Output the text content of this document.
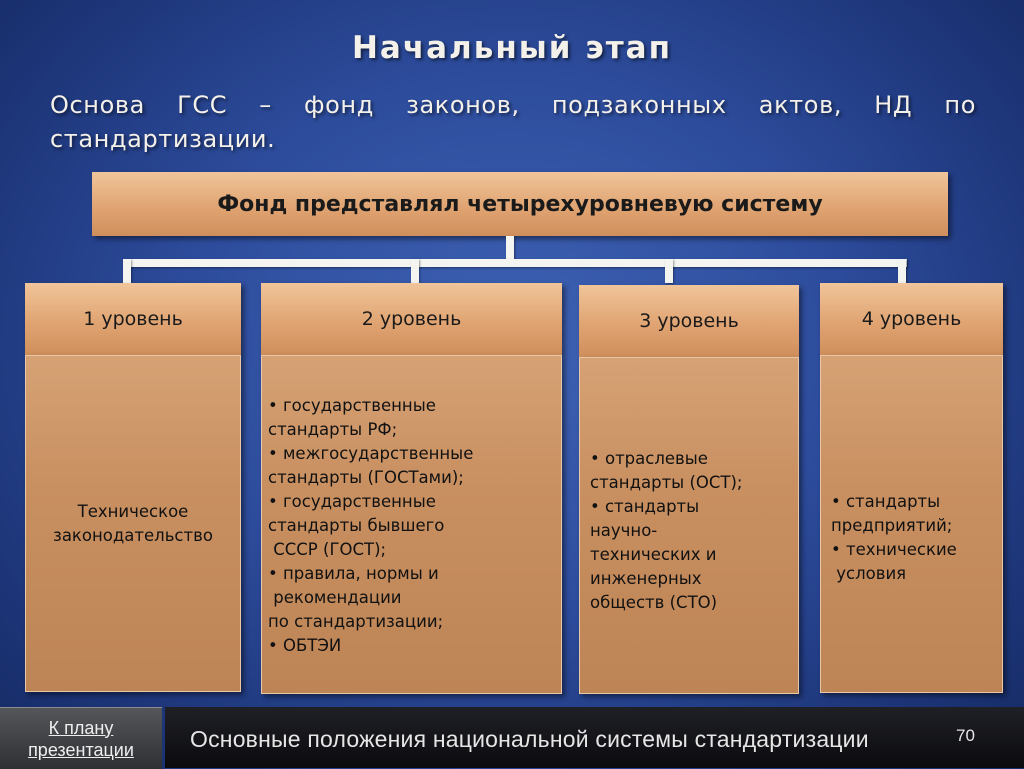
Начальный этап
Основа ГСС – фонд законов, подзаконных актов, НД по стандартизации.
Фонд представлял четырехуровневую систему
1 уровень
Техническое
законодательство
2 уровень
• государственные
стандарты РФ;
• межгосударственные
стандарты (ГОСТами);
• государственные
стандарты бывшего
СССР (ГОСТ);
• правила, нормы и
рекомендации
по стандартизации;
• ОБТЭИ
3 уровень
• отраслевые
стандарты (ОСТ);
• стандарты
научно-
технических и
инженерных
обществ (СТО)
4 уровень
• стандарты
предприятий;
• технические
условия
К плану
презентации Основные положения национальной системы стандартизации	70
